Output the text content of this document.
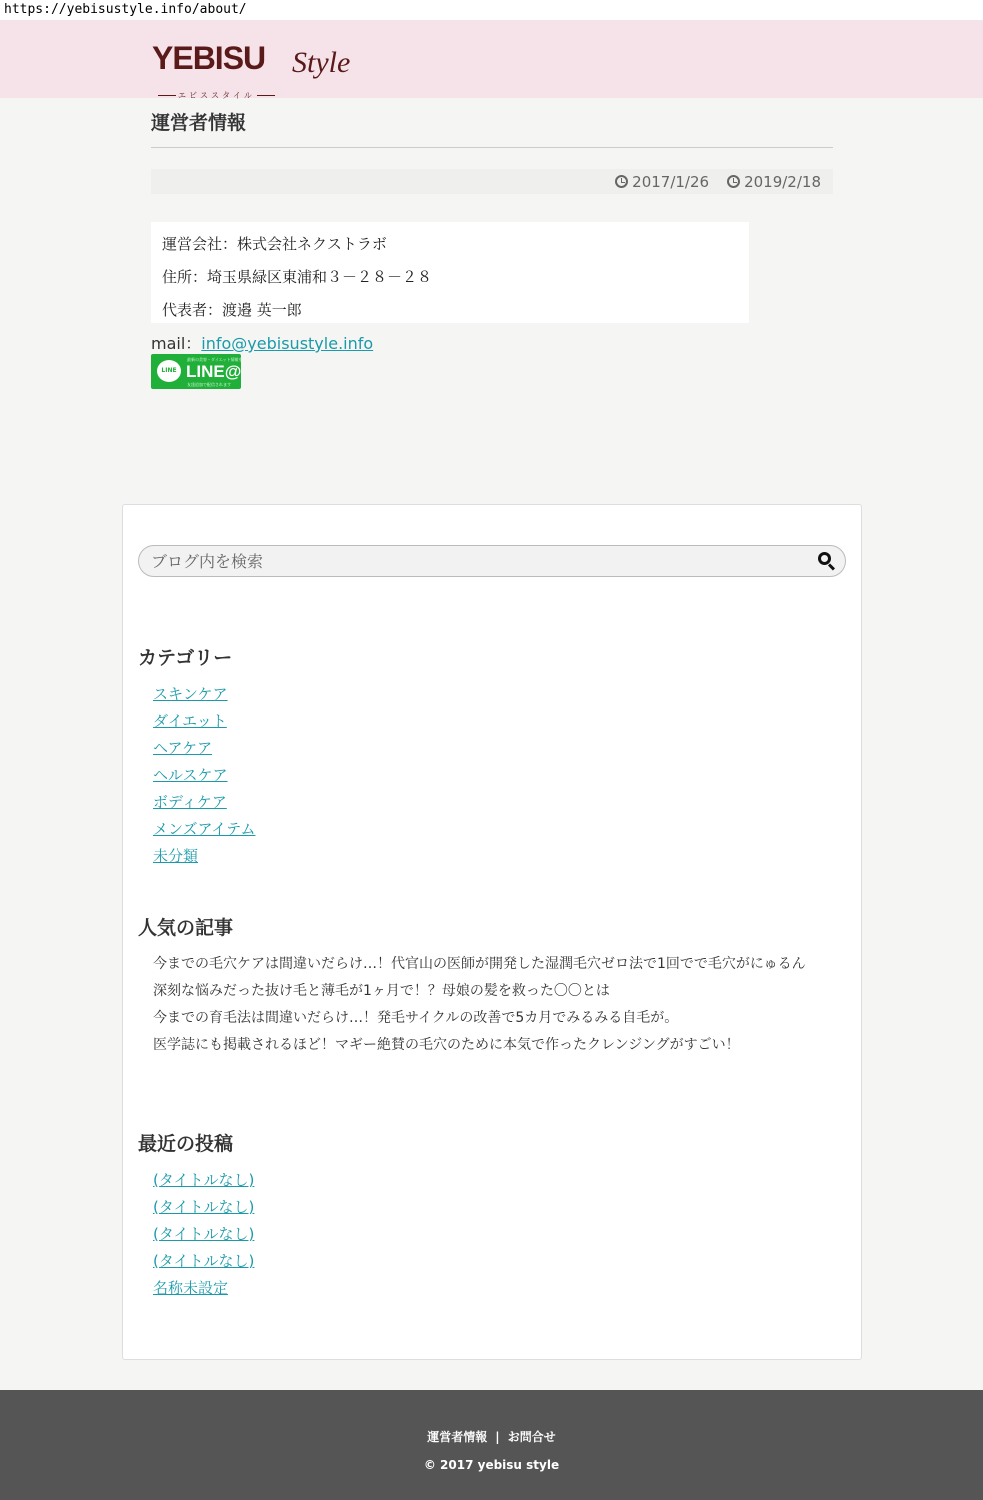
https://yebisustyle.info/about/
YEBISU Style
エビススタイル
運営者情報
2017/1/26 2019/2/18
運営会社：株式会社ネクストラボ
住所：埼玉県緑区東浦和３－２８－２８
代表者：渡邉 英一郎
mail：info@yebisustyle.info
最新の美容・ダイエット情報を
LINE LINE@
友達追加で配信されます
ブログ内を検索
カテゴリー
スキンケア
ダイエット
ヘアケア
ヘルスケア
ボディケア
メンズアイテム
未分類
人気の記事
今までの毛穴ケアは間違いだらけ…！代官山の医師が開発した湿潤毛穴ゼロ法で1回でで毛穴がにゅるん
深刻な悩みだった抜け毛と薄毛が1ヶ月で！？母娘の髪を救った〇〇とは
今までの育毛法は間違いだらけ…！発毛サイクルの改善で5カ月でみるみる自毛が。
医学誌にも掲載されるほど！マギー絶賛の毛穴のために本気で作ったクレンジングがすごい！
最近の投稿
(タイトルなし)
(タイトルなし)
(タイトルなし)
(タイトルなし)
名称未設定
運営者情報 | お問合せ
© 2017 yebisu style
